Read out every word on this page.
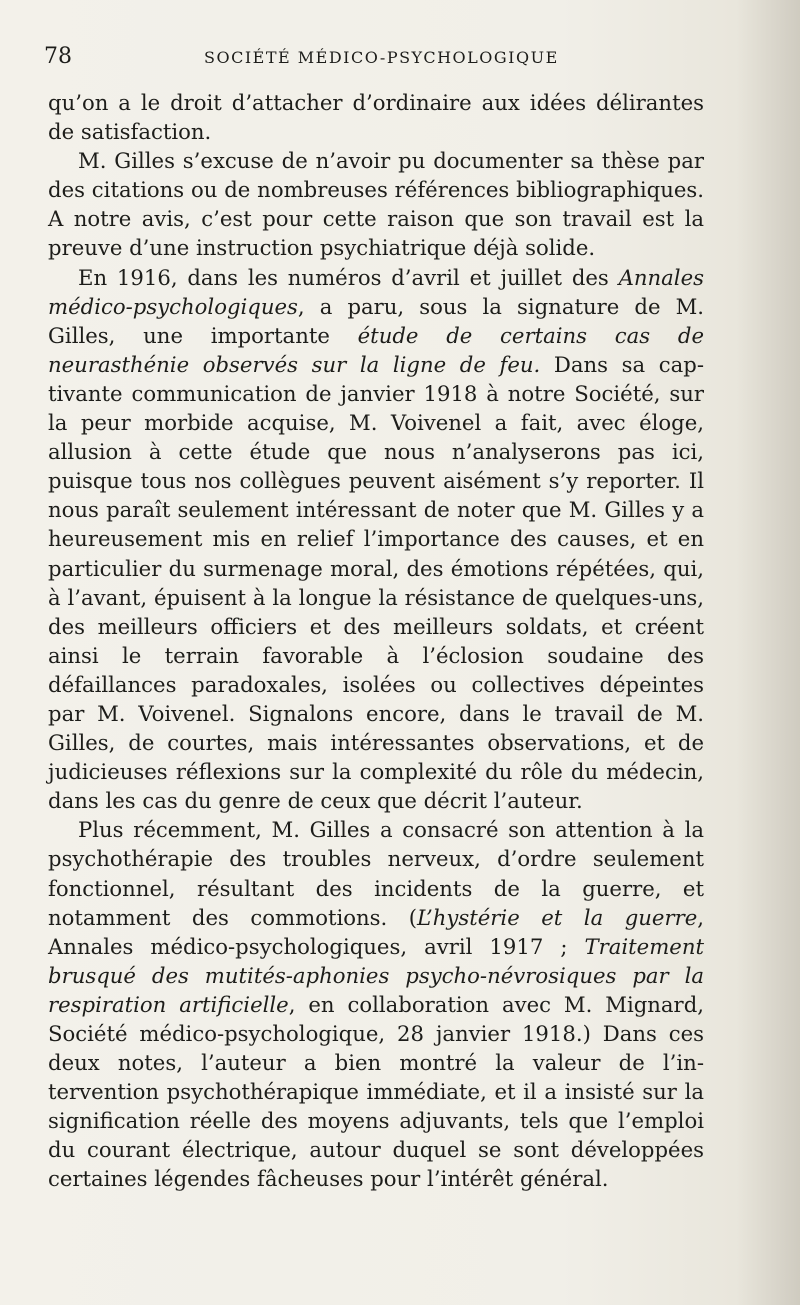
78	SOCIÉTÉ MÉDICO-PSYCHOLOGIQUE

qu’on a le droit d’attacher d’ordinaire aux idées délirantes de satisfaction.

M. Gilles s’excuse de n’avoir pu documenter sa thèse par des citations ou de nombreuses références bibliographiques. A notre avis, c’est pour cette raison que son travail est la preuve d’une instruction psychiatrique déjà solide.

En 1916, dans les numéros d’avril et juillet des Annales médico-psychologiques, a paru, sous la signature de M. Gilles, une importante étude de certains cas de neurasthénie observés sur la ligne de feu. Dans sa captivante communication de janvier 1918 à notre Société, sur la peur morbide acquise, M. Voivenel a fait, avec éloge, allusion à cette étude que nous n’analyserons pas ici, puisque tous nos collègues peuvent aisément s’y reporter. Il nous paraît seulement intéressant de noter que M. Gilles y a heureusement mis en relief l’importance des causes, et en particulier du surmenage moral, des émotions répétées, qui, à l’avant, épuisent à la longue la résistance de quelques-uns, des meilleurs officiers et des meilleurs soldats, et créent ainsi le terrain favorable à l’éclosion soudaine des défaillances paradoxales, isolées ou collectives dépeintes par M. Voivenel. Signalons encore, dans le travail de M. Gilles, de courtes, mais intéressantes observations, et de judicieuses réflexions sur la complexité du rôle du médecin, dans les cas du genre de ceux que décrit l’auteur.

Plus récemment, M. Gilles a consacré son attention à la psychothérapie des troubles nerveux, d’ordre seulement fonctionnel, résultant des incidents de la guerre, et notamment des commotions. (L’hystérie et la guerre, Annales médico-psychologiques, avril 1917 ; Traitement brusqué des mutités-aphonies psycho-névrosiques par la respiration artificielle, en collaboration avec M. Mignard, Société médico-psychologique, 28 janvier 1918.) Dans ces deux notes, l’auteur a bien montré la valeur de l’intervention psychothérapique immédiate, et il a insisté sur la signification réelle des moyens adjuvants, tels que l’emploi du courant électrique, autour duquel se sont développées certaines légendes fâcheuses pour l’intérêt général.
